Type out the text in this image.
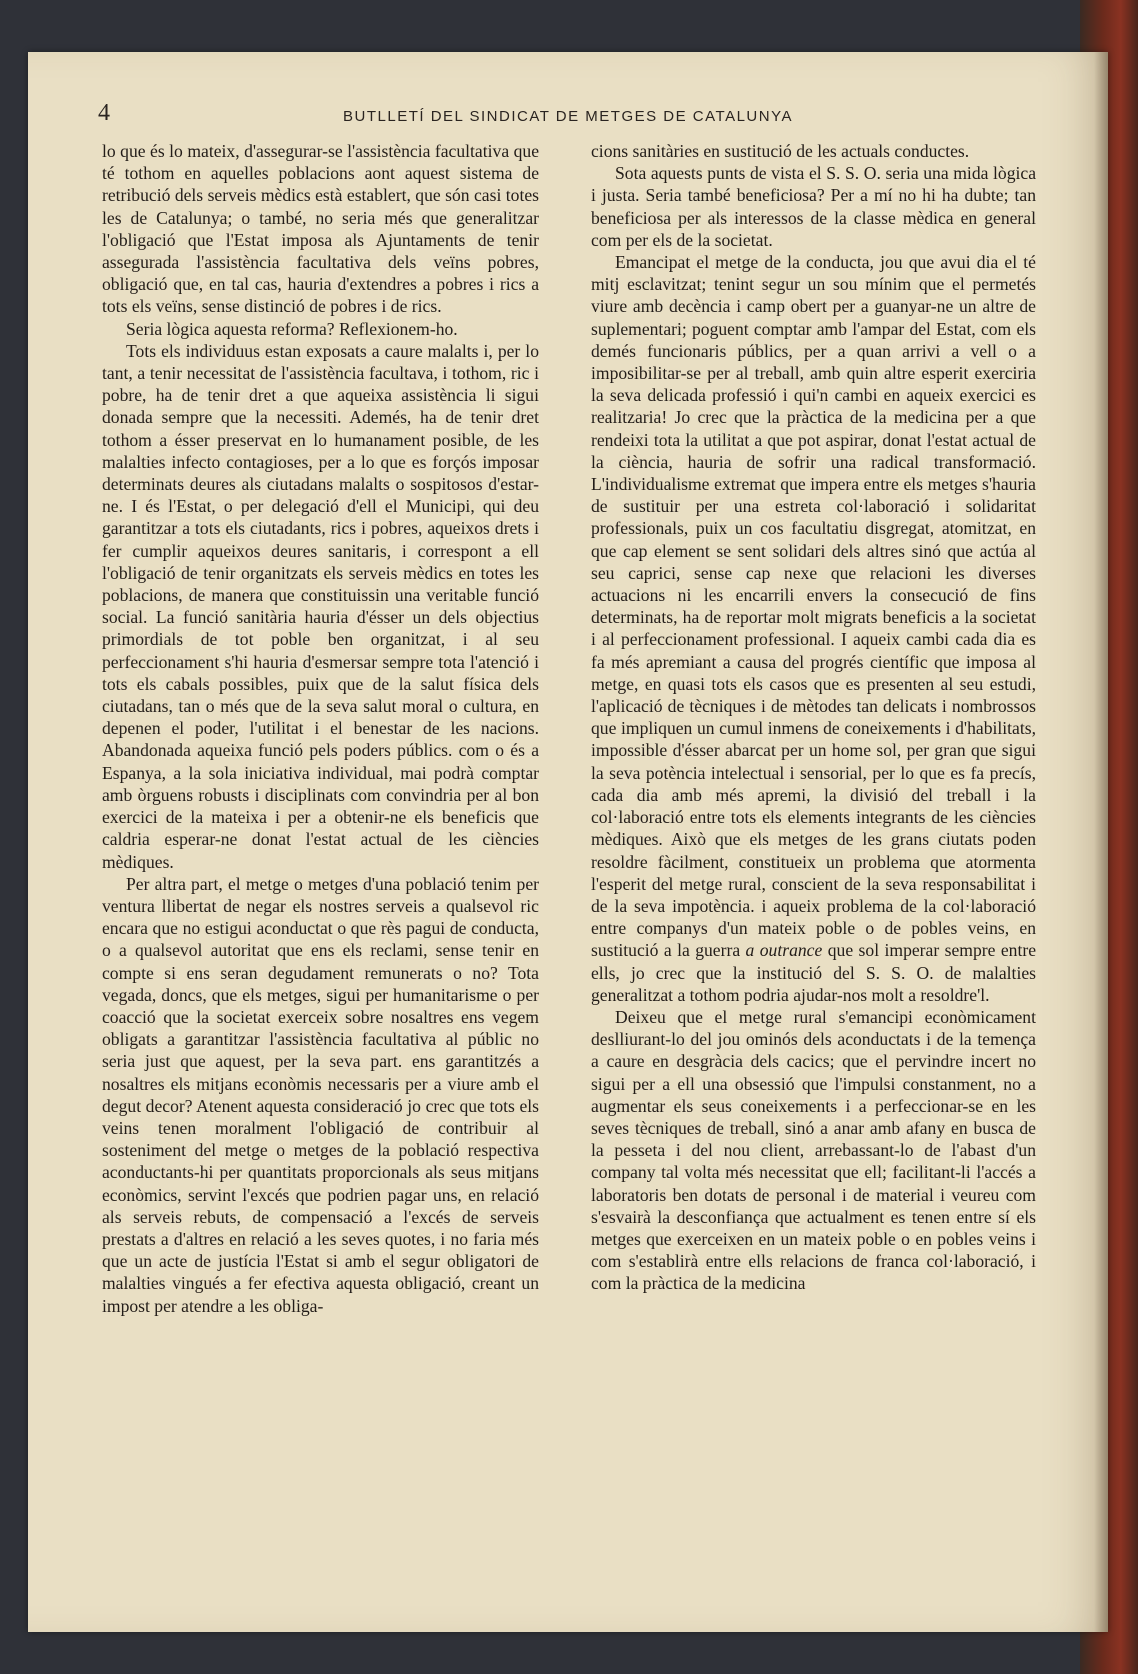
4	BUTLLETÍ DEL SINDICAT DE METGES DE CATALUNYA

lo que és lo mateix, d'assegurar-se l'assistència facultativa que té tothom en aquelles poblacions aont aquest sistema de retribució dels serveis mèdics està establert, que són casi totes les de Catalunya; o també, no seria més que generalitzar l'obligació que l'Estat imposa als Ajuntaments de tenir assegurada l'assistència facultativa dels veïns pobres, obligació que, en tal cas, hauria d'extendres a pobres i rics a tots els veïns, sense distinció de pobres i de rics.

Seria lògica aquesta reforma? Reflexionem-ho.

Tots els individuus estan exposats a caure malalts i, per lo tant, a tenir necessitat de l'assistència facultava, i tothom, ric i pobre, ha de tenir dret a que aqueixa assistència li sigui donada sempre que la necessiti. Ademés, ha de tenir dret tothom a ésser preservat en lo humanament posible, de les malalties infecto contagioses, per a lo que es forçós imposar determinats deures als ciutadans malalts o sospitosos d'estar-ne. I és l'Estat, o per delegació d'ell el Municipi, qui deu garantitzar a tots els ciutadants, rics i pobres, aqueixos drets i fer cumplir aqueixos deures sanitaris, i correspont a ell l'obligació de tenir organitzats els serveis mèdics en totes les poblacions, de manera que constituissin una veritable funció social. La funció sanitària hauria d'ésser un dels objectius primordials de tot poble ben organitzat, i al seu perfeccionament s'hi hauria d'esmersar sempre tota l'atenció i tots els cabals possibles, puix que de la salut física dels ciutadans, tan o més que de la seva salut moral o cultura, en depenen el poder, l'utilitat i el benestar de les nacions. Abandonada aqueixa funció pels poders públics. com o és a Espanya, a la sola iniciativa individual, mai podrà comptar amb òrguens robusts i disciplinats com convindria per al bon exercici de la mateixa i per a obtenir-ne els beneficis que caldria esperar-ne donat l'estat actual de les ciències mèdiques.

Per altra part, el metge o metges d'una població tenim per ventura llibertat de negar els nostres serveis a qualsevol ric encara que no estigui aconductat o que rès pagui de conducta, o a qualsevol autoritat que ens els reclami, sense tenir en compte si ens seran degudament remunerats o no? Tota vegada, doncs, que els metges, sigui per humanitarisme o per coacció que la societat exerceix sobre nosaltres ens vegem obligats a garantitzar l'assistència facultativa al públic no seria just que aquest, per la seva part. ens garantitzés a nosaltres els mitjans econòmis necessaris per a viure amb el degut decor? Atenent aquesta consideració jo crec que tots els veins tenen moralment l'obligació de contribuir al sosteniment del metge o metges de la població respectiva aconductants-hi per quantitats proporcionals als seus mitjans econòmics, servint l'excés que podrien pagar uns, en relació als serveis rebuts, de compensació a l'excés de serveis prestats a d'altres en relació a les seves quotes, i no faria més que un acte de justícia l'Estat si amb el segur obligatori de malalties vingués a fer efectiva aquesta obligació, creant un impost per atendre a les obliga-

cions sanitàries en sustitució de les actuals conductes.

Sota aquests punts de vista el S. S. O. seria una mida lògica i justa. Seria també beneficiosa? Per a mí no hi ha dubte; tan beneficiosa per als interessos de la classe mèdica en general com per els de la societat.

Emancipat el metge de la conducta, jou que avui dia el té mitj esclavitzat; tenint segur un sou mínim que el permetés viure amb decència i camp obert per a guanyar-ne un altre de suplementari; poguent comptar amb l'ampar del Estat, com els demés funcionaris públics, per a quan arrivi a vell o a imposibilitar-se per al treball, amb quin altre esperit exerciria la seva delicada professió i qui'n cambi en aqueix exercici es realitzaria! Jo crec que la pràctica de la medicina per a que rendeixi tota la utilitat a que pot aspirar, donat l'estat actual de la ciència, hauria de sofrir una radical transformació. L'individualisme extremat que impera entre els metges s'hauria de sustituir per una estreta col·laboració i solidaritat professionals, puix un cos facultatiu disgregat, atomitzat, en que cap element se sent solidari dels altres sinó que actúa al seu caprici, sense cap nexe que relacioni les diverses actuacions ni les encarrili envers la consecució de fins determinats, ha de reportar molt migrats beneficis a la societat i al perfeccionament professional. I aqueix cambi cada dia es fa més apremiant a causa del progrés científic que imposa al metge, en quasi tots els casos que es presenten al seu estudi, l'aplicació de tècniques i de mètodes tan delicats i nombrossos que impliquen un cumul inmens de coneixements i d'habilitats, impossible d'ésser abarcat per un home sol, per gran que sigui la seva potència intelectual i sensorial, per lo que es fa precís, cada dia amb més apremi, la divisió del treball i la col·laboració entre tots els elements integrants de les ciències mèdiques. Això que els metges de les grans ciutats poden resoldre fàcilment, constitueix un problema que atormenta l'esperit del metge rural, conscient de la seva responsabilitat i de la seva impotència. i aqueix problema de la col·laboració entre companys d'un mateix poble o de pobles veins, en sustitució a la guerra a outrance que sol imperar sempre entre ells, jo crec que la institució del S. S. O. de malalties generalitzat a tothom podria ajudar-nos molt a resoldre'l.

Deixeu que el metge rural s'emancipi econòmicament deslliurant-lo del jou ominós dels aconductats i de la temença a caure en desgràcia dels cacics; que el pervindre incert no sigui per a ell una obsessió que l'impulsi constanment, no a augmentar els seus coneixements i a perfeccionar-se en les seves tècniques de treball, sinó a anar amb afany en busca de la pesseta i del nou client, arrebassant-lo de l'abast d'un company tal volta més necessitat que ell; facilitant-li l'accés a laboratoris ben dotats de personal i de material i veureu com s'esvairà la desconfiança que actualment es tenen entre sí els metges que exerceixen en un mateix poble o en pobles veins i com s'establirà entre ells relacions de franca col·laboració, i com la pràctica de la medicina
